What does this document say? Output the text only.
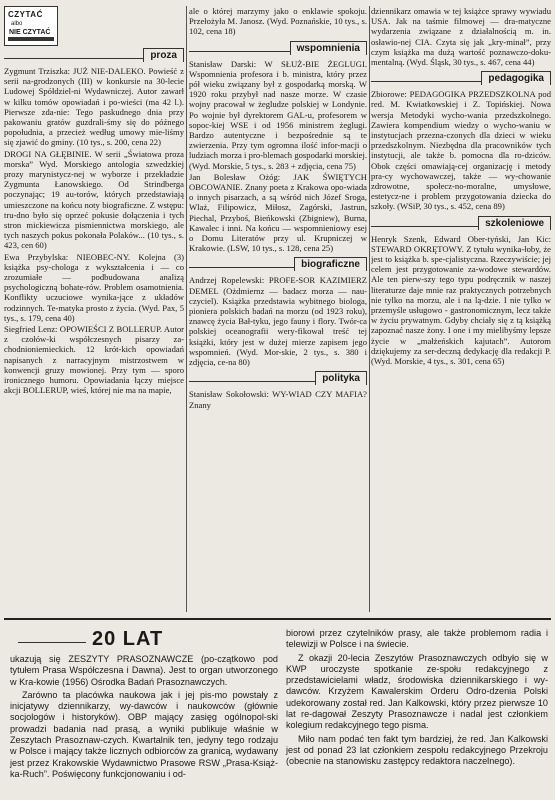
CZYTAĆ
albo
NIE CZYTAĆ
proza

Zygmunt Trziszka: JUŻ NIE-DALEKO. Powieść z serii na-grodzonych (III) w konkursie na 30-lecie Ludowej Spółdziel-ni Wydawniczej. Autor zawarł w kilku tomów opowiadań i po-wieści (ma 42 l.). Pierwsze zda-nie: Tego paskudnego dnia przy pakowaniu gratów guzdrali-śmy się do późnego popołudnia, a przecież według umowy mie-liśmy się zjawić do gminy. (10 tys., s. 200, cena 22)

DROGI NA GŁĘBINIE. W serii „Światowa proza morska” Wyd. Morskiego antologia szwedzkiej prozy marynistycz-nej w wyborze i przekładzie Zygmunta Łanowskiego. Od Strindberga poczynając; 19 au-torów, których przedstawiają umieszczone na końcu noty biograficzne. Z wstępu: tru-dno było się oprzeć pokusie dołączenia i tych stron mickiewicza pismiennictwa morskiego, ale tych naszych pokus pokonała Polaków... (10 tys., s. 423, cen 60)

Ewa Przybylska: NIEOBEC-NY. Kolejna (3) książka psy-chologa z wykształcenia i — co zrozumiałe — podbudowana analizą psychologiczną bohate-rów. Problem osamotnienia. Konflikty uczuciowe wynika-jące z układów rodzinnych. Te-matyka prosto z życia. (Wyd. Pax, 5 tys., s. 179, cena 40)

Siegfried Lenz: OPOWIEŚCI Z BOLLERUP. Autor z czołów-ki współczesnych pisarzy za-chodnioniemieckich. 12 krót-kich opowiadań napisanych z narracyjnym mistrzostwem w konwencji gruzy mowionej. Przy tym — sporo ironicznego humoru. Opowiadania łączy miejsce akcji BOLLERUP, wieś, której nie ma na mapie,

ale o której marzymy jako o enklawie spokoju. Przełożyła M. Janosz. (Wyd. Poznańskie, 10 tys., s. 102, cena 18)

wspomnienia

Stanisław Darski: W SŁUŻ-BIE ŻEGLUGI. Wspomnienia profesora i b. ministra, który przez pół wieku związany był z gospodarką morską. W 1920 roku przybył nad nasze morze. W czasie wojny pracował w żegludze polskiej w Londynie. Po wojnie był dyrektorem GAL-u, profesorem w sopoc-kiej WSE i od 1956 ministrem żeglugi. Bardzo autentyczne i bezpośrednie są te zwierzenia. Przy tym ogromna ilość infor-macji o ludziach morza i pro-blemach gospodarki morskiej. (Wyd. Morskie, 5 tys., s. 283 + zdjęcia, cena 75)

Jan Bolesław Ożóg: JAK ŚWIĘTYCH OBCOWANIE. Znany poeta z Krakowa opo-wiada o innych pisarzach, a są wśród nich Józef Sroga, Wlaż, Filipowicz, Miłosz, Zagórski, Jastrun, Piechal, Przyboś, Bieńkowski (Zbigniew), Burna, Kawalec i inni. Na końcu — wspomnieniowy esej o Domu Literatów przy ul. Krupniczej w Krakowie. (LSW, 10 tys., s. 128, cena 25)

biograficzne

Andrzej Ropelewski: PROFE-SOR KAZIMIERZ DEMEL (Ożdmiernz — badacz morza — nau-czyciel). Książka przedstawia wybitnego biologa, pioniera polskich badań na morzu (od 1923 roku), znawcę życia Bał-tyku, jego fauny i flory. Twór-ca polskiej oceanografii wery-fikował treść tej książki, który jest w dużej mierze zapisem jego wspomnień. (Wyd. Mor-skie, 2 tys., s. 380 i zdjęcia, ce-na 80)

polityka

Stanisław Sokołowski: WY-WIAD CZY MAFIA? Znany

dziennikarz omawia w tej książce sprawy wywiadu USA. Jak na taśmie filmowej — dra-matyczne wydarzenia związane z działalnością m. in. osławio-nej CIA. Czyta się jak „kry-minał”, przy czym książka ma dużą wartość poznawczo-doku-mentalną. (Wyd. Śląsk, 30 tys., s. 467, cena 44)

pedagogika

Zbiorowe: PEDAGOGIKA PRZEDSZKOLNA pod red. M. Kwiatkowskiej i Z. Topińskiej. Nowa wersja Metodyki wycho-wania przedszkolnego. Zawiera kompendium wiedzy o wycho-waniu w instytucjach przezna-czonych dla dzieci w wieku przedszkolnym. Niezbędna dla pracowników tych instytucji, ale także b. pomocna dla ro-dziców. Obok części omawiają-cej organizację i metody pra-cy wychowawczej, także — wy-chowanie zdrowotne, społecz-no-moralne, umysłowe, estetycz-ne i problem przygotowania dziecka do szkoły. (WSiP, 30 tys., s. 452, cena 89)

szkoleniowe

Henryk Szenk, Edward Ober-tyński, Jan Kic: STEWARD OKRĘTOWY. Z tytułu wynika-łoby, że jest to książka b. spe-cjalistyczna. Rzeczywiście; jej celem jest przygotowanie za-wodowe stewardów. Ale ten pierw-szy tego typu podręcznik w naszej literaturze daje mnie raz praktycznych potrzebnych nie tylko na morzu, ale i na lą-dzie. I nie tylko w przemyśle usługowo - gastronomicznym, lecz także w życiu prywatnym. Gdyby chciały się z tą książką zapoznać nasze żony. I one i my mielibyśmy lepsze życie w „małżeńskich kajutach”. Autorom dziękujemy za ser-deczną dedykację dla redakcji P. (Wyd. Morskie, 4 tys., s. 301, cena 65)

20 LAT

ukazują się ZESZYTY PRASOZNAWCZE (po-czątkowo pod tytułem Prasa Współczesna i Dawna). Jest to organ utworzonego w Kra-kowie (1956) Ośrodka Badań Prasoznawczych.

Zarówno ta placówka naukowa jak i jej pis-mo powstały z inicjatywy dziennikarzy, wy-dawców i naukowców (głównie socjologów i historyków). OBP mający zasięg ogólnopol-ski prowadzi badania nad prasą, a wyniki publikuje właśnie w Zeszytach Prasoznaw-czych. Kwartalnik ten, jedyny tego rodzaju w Polsce i mający także licznych odbiorców za granicą, wydawany jest przez Krakowskie Wydawnictwo Prasowe RSW „Prasa-Książ-ka-Ruch”. Poświęcony funkcjonowaniu i od-

biorowi przez czytelników prasy, ale także problemom radia i telewizji w Polsce i na świecie.

Z okazji 20-lecia Zeszytów Prasoznawczych odbyło się w KWP uroczyste spotkanie ze-społu redakcyjnego z przedstawicielami władz, środowiska dziennikarskiego i wy-dawców. Krzyżem Kawalerskim Orderu Odro-dzenia Polski udekorowany został red. Jan Kalkowski, który przez pierwsze 10 lat re-dagował Zeszyty Prasoznawcze i nadal jest członkiem kolegium redakcyjnego tego pisma.

Miło nam podać ten fakt tym bardziej, że red. Jan Kalkowski jest od ponad 23 lat członkiem zespołu redakcyjnego Przekroju (obecnie na stanowisku zastępcy redaktora naczelnego).
